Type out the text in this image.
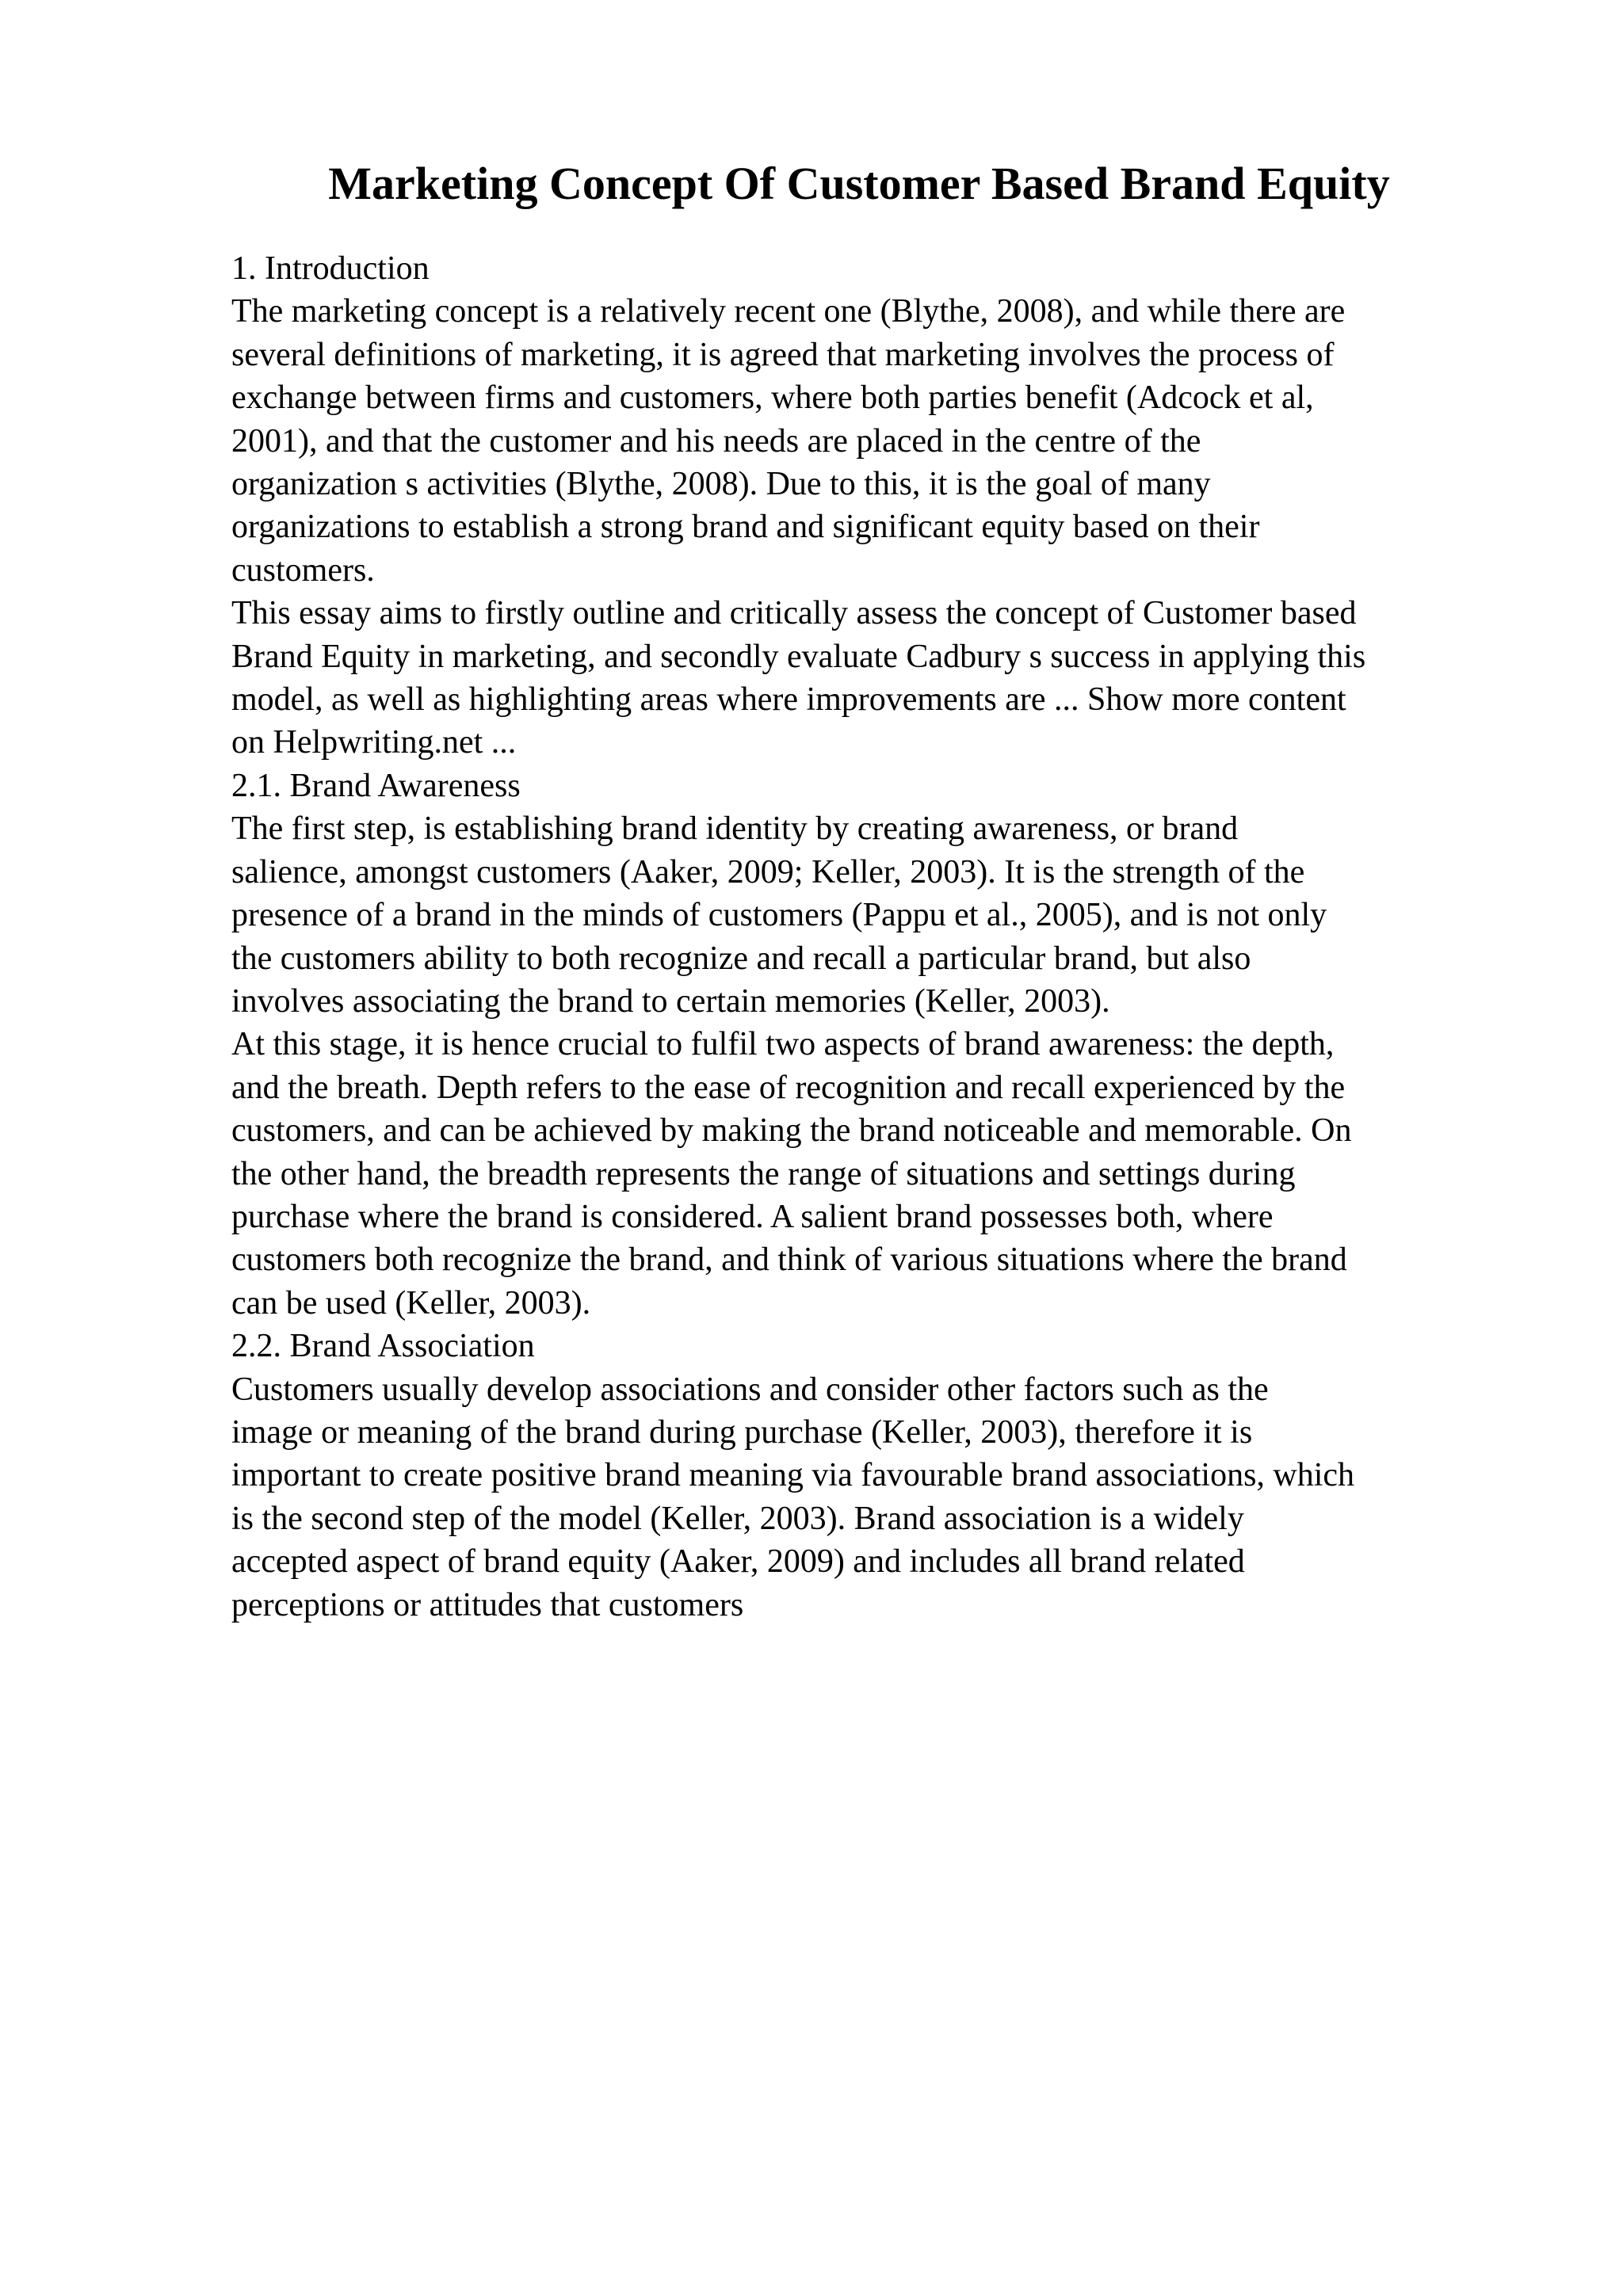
Marketing Concept Of Customer Based Brand Equity

1. Introduction

The marketing concept is a relatively recent one (Blythe, 2008), and while there are

several definitions of marketing, it is agreed that marketing involves the process of

exchange between firms and customers, where both parties benefit (Adcock et al,

2001), and that the customer and his needs are placed in the centre of the

organization s activities (Blythe, 2008). Due to this, it is the goal of many

organizations to establish a strong brand and significant equity based on their

customers.

This essay aims to firstly outline and critically assess the concept of Customer based

Brand Equity in marketing, and secondly evaluate Cadbury s success in applying this

model, as well as highlighting areas where improvements are ... Show more content

on Helpwriting.net ...

2.1. Brand Awareness

The first step, is establishing brand identity by creating awareness, or brand

salience, amongst customers (Aaker, 2009; Keller, 2003). It is the strength of the

presence of a brand in the minds of customers (Pappu et al., 2005), and is not only

the customers ability to both recognize and recall a particular brand, but also

involves associating the brand to certain memories (Keller, 2003).

At this stage, it is hence crucial to fulfil two aspects of brand awareness: the depth,

and the breath. Depth refers to the ease of recognition and recall experienced by the

customers, and can be achieved by making the brand noticeable and memorable. On

the other hand, the breadth represents the range of situations and settings during

purchase where the brand is considered. A salient brand possesses both, where

customers both recognize the brand, and think of various situations where the brand

can be used (Keller, 2003).

2.2. Brand Association

Customers usually develop associations and consider other factors such as the

image or meaning of the brand during purchase (Keller, 2003), therefore it is

important to create positive brand meaning via favourable brand associations, which

is the second step of the model (Keller, 2003). Brand association is a widely

accepted aspect of brand equity (Aaker, 2009) and includes all brand related

perceptions or attitudes that customers
